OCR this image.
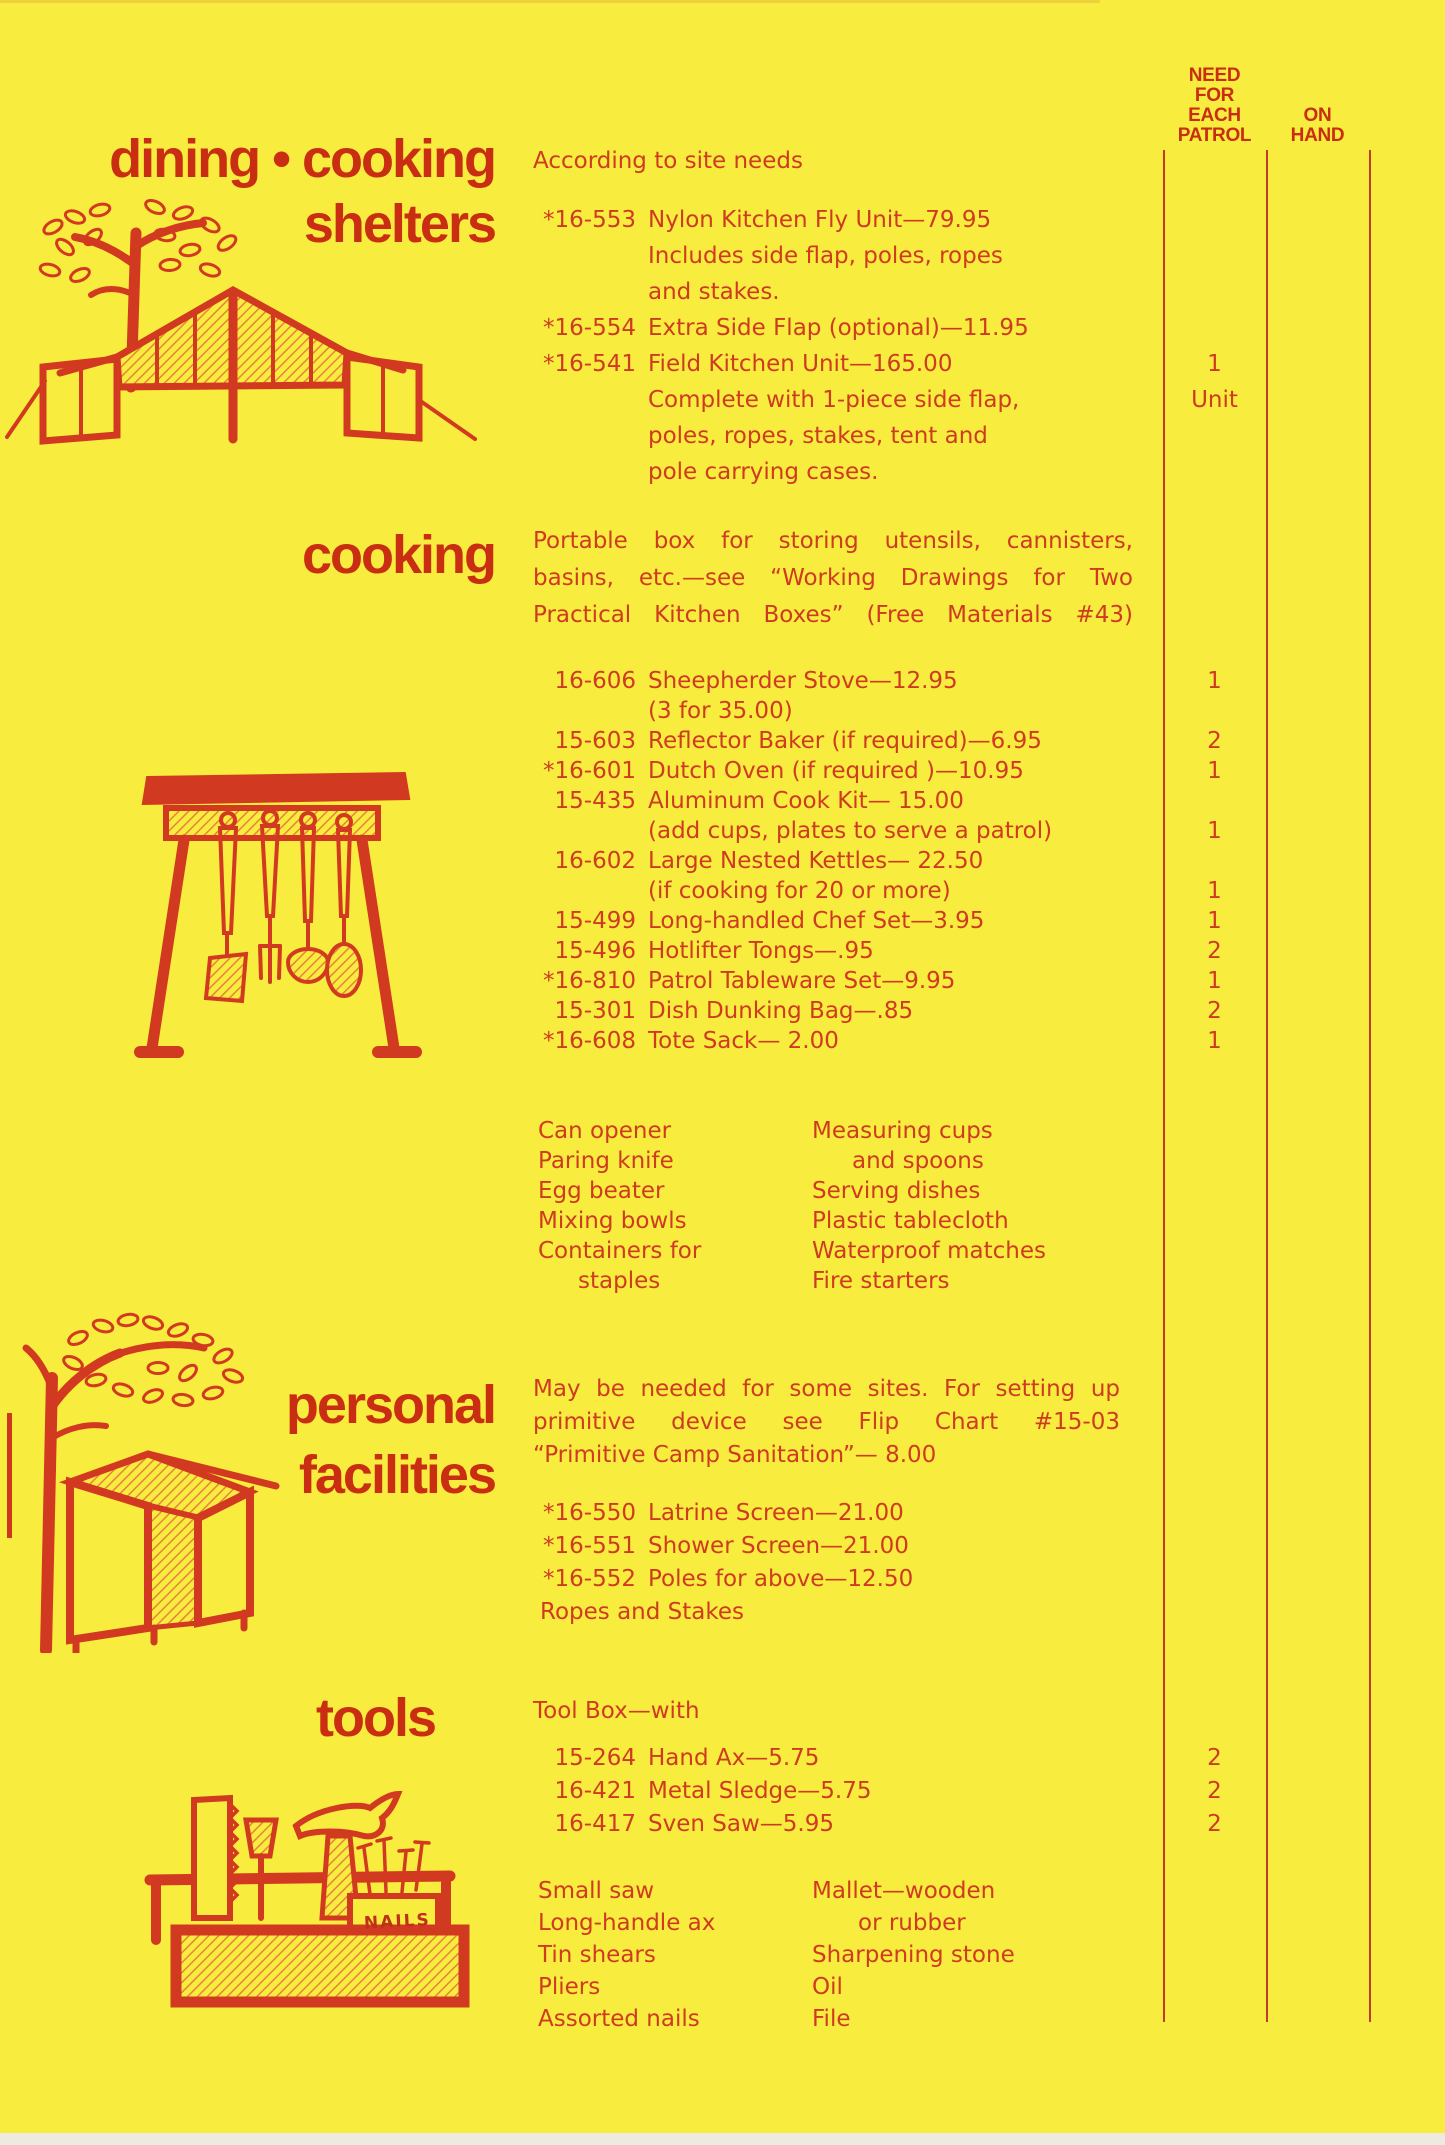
NEED
FOR
EACH
PATROL
ON
HAND
dining • cooking
shelters
According to site needs
*16-553 Nylon Kitchen Fly Unit—79.95
Includes side flap, poles, ropes
and stakes.
*16-554 Extra Side Flap (optional)—11.95
*16-541 Field Kitchen Unit—165.00	1
Complete with 1-piece side flap,	Unit
poles, ropes, stakes, tent and
pole carrying cases.
cooking Portable box for storing utensils, cannisters,
basins, etc.—see “Working Drawings for Two
Practical Kitchen Boxes” (Free Materials #43)
16-606 Sheepherder Stove—12.95	1
(3 for 35.00)
15-603 Reflector Baker (if required)—6.95	2
*16-601 Dutch Oven (if required )—10.95	1
15-435 Aluminum Cook Kit— 15.00
(add cups, plates to serve a patrol)	1
16-602 Large Nested Kettles— 22.50
(if cooking for 20 or more)	1
15-499 Long-handled Chef Set—3.95	1
15-496 Hotlifter Tongs—.95	2
*16-810 Patrol Tableware Set—9.95	1
15-301 Dish Dunking Bag—.85	2
*16-608 Tote Sack— 2.00	1
Can opener
Paring knife
Egg beater
Mixing bowls
Containers for
staples
Measuring cups
and spoons
Serving dishes
Plastic tablecloth
Waterproof matches
Fire starters
personal
facilities
May be needed for some sites. For setting up
primitive device see Flip Chart #15-03
“Primitive Camp Sanitation”— 8.00
*16-550 Latrine Screen—21.00
*16-551 Shower Screen—21.00
*16-552 Poles for above—12.50
Ropes and Stakes
tools	Tool Box—with
15-264 Hand Ax—5.75	2
16-421 Metal Sledge—5.75	2
16-417 Sven Saw—5.95	2
NAILS
Small saw
Long-handle ax
Tin shears
Pliers
Assorted nails
Mallet—wooden
or rubber
Sharpening stone
Oil
File
